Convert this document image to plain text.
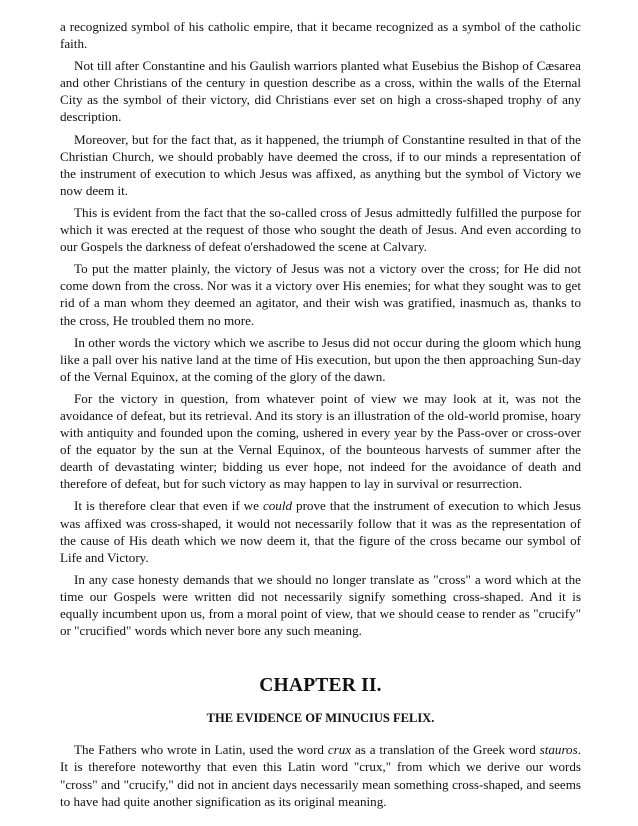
a recognized symbol of his catholic empire, that it became recognized as a symbol of the catholic faith.

Not till after Constantine and his Gaulish warriors planted what Eusebius the Bishop of Cæsarea and other Christians of the century in question describe as a cross, within the walls of the Eternal City as the symbol of their victory, did Christians ever set on high a cross-shaped trophy of any description.

Moreover, but for the fact that, as it happened, the triumph of Constantine resulted in that of the Christian Church, we should probably have deemed the cross, if to our minds a representation of the instrument of execution to which Jesus was affixed, as anything but the symbol of Victory we now deem it.

This is evident from the fact that the so-called cross of Jesus admittedly fulfilled the purpose for which it was erected at the request of those who sought the death of Jesus. And even according to our Gospels the darkness of defeat o'ershadowed the scene at Calvary.

To put the matter plainly, the victory of Jesus was not a victory over the cross; for He did not come down from the cross. Nor was it a victory over His enemies; for what they sought was to get rid of a man whom they deemed an agitator, and their wish was gratified, inasmuch as, thanks to the cross, He troubled them no more.

In other words the victory which we ascribe to Jesus did not occur during the gloom which hung like a pall over his native land at the time of His execution, but upon the then approaching Sun-day of the Vernal Equinox, at the coming of the glory of the dawn.

For the victory in question, from whatever point of view we may look at it, was not the avoidance of defeat, but its retrieval. And its story is an illustration of the old-world promise, hoary with antiquity and founded upon the coming, ushered in every year by the Pass-over or cross-over of the equator by the sun at the Vernal Equinox, of the bounteous harvests of summer after the dearth of devastating winter; bidding us ever hope, not indeed for the avoidance of death and therefore of defeat, but for such victory as may happen to lay in survival or resurrection.

It is therefore clear that even if we could prove that the instrument of execution to which Jesus was affixed was cross-shaped, it would not necessarily follow that it was as the representation of the cause of His death which we now deem it, that the figure of the cross became our symbol of Life and Victory.

In any case honesty demands that we should no longer translate as "cross" a word which at the time our Gospels were written did not necessarily signify something cross-shaped. And it is equally incumbent upon us, from a moral point of view, that we should cease to render as "crucify" or "crucified" words which never bore any such meaning.

CHAPTER II.
THE EVIDENCE OF MINUCIUS FELIX.

The Fathers who wrote in Latin, used the word crux as a translation of the Greek word stauros. It is therefore noteworthy that even this Latin word "crux," from which we derive our words "cross" and "crucify," did not in ancient days necessarily mean something cross-shaped, and seems to have had quite another signification as its original meaning.
